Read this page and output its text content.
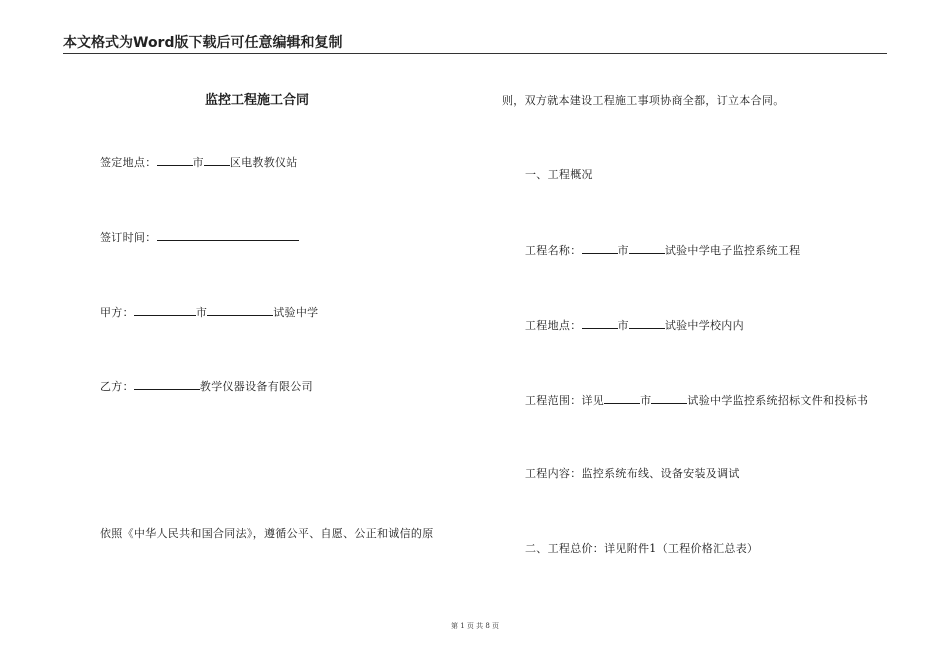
本文格式为Word版下载后可任意编辑和复制
监控工程施工合同
签定地点：	市 区电教教仪站
签订时间：
甲方：	市	试验中学
乙方：	教学仪器设备有限公司
依照《中华人民共和国合同法》，遵循公平、自愿、公正和诚信的原
则，双方就本建设工程施工事项协商全都，订立本合同。
一、工程概况
工程名称：	市	试验中学电子监控系统工程
工程地点：	市	试验中学校内内
工程范围：详见	市	试验中学监控系统招标文件和投标书
工程内容：监控系统布线、设备安装及调试
二、工程总价：详见附件1（工程价格汇总表）
第 1 页 共 8 页
